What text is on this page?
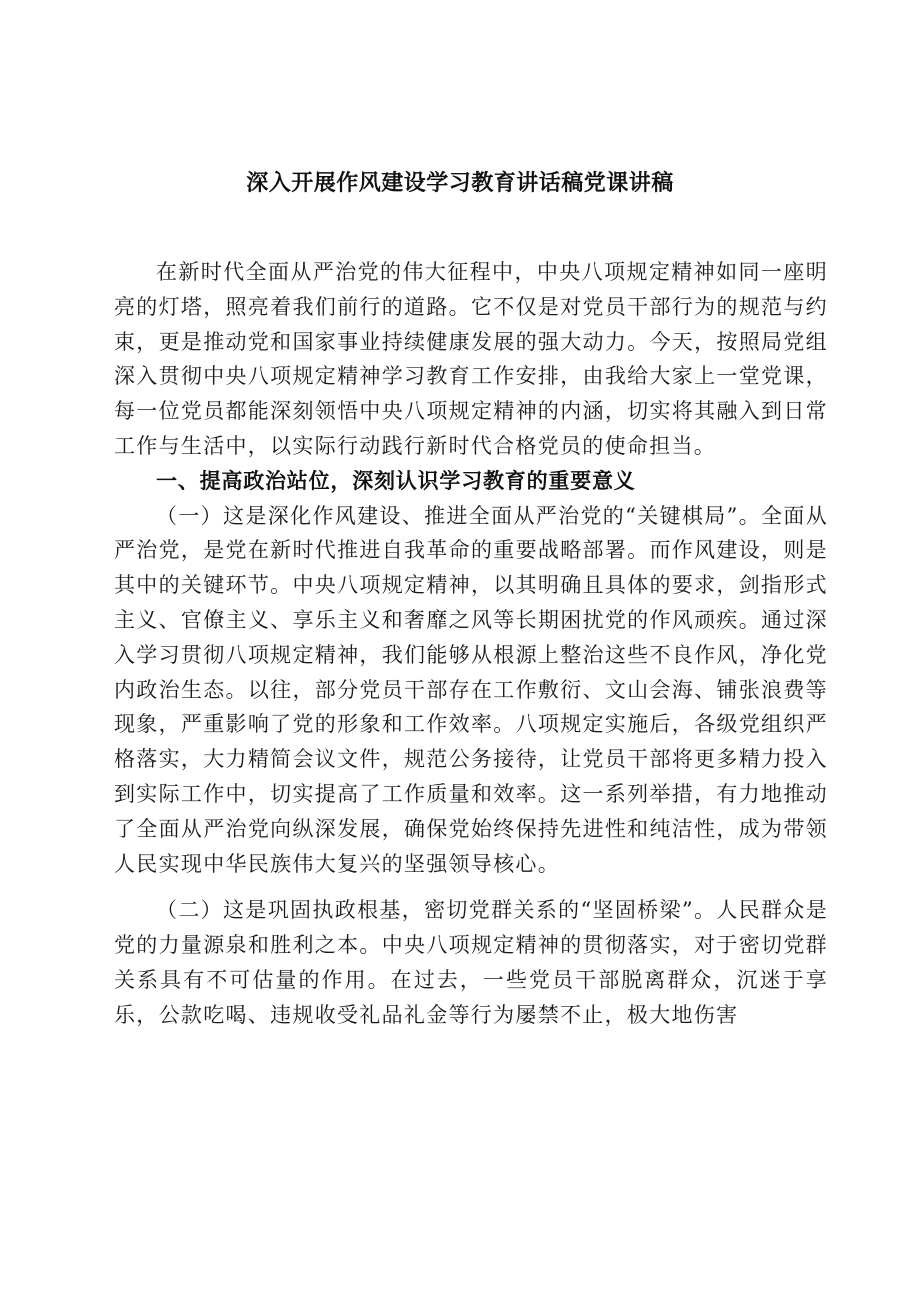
深入开展作风建设学习教育讲话稿党课讲稿

在新时代全面从严治党的伟大征程中，中央八项规定精神如同一座明亮的灯塔，照亮着我们前行的道路。它不仅是对党员干部行为的规范与约束，更是推动党和国家事业持续健康发展的强大动力。今天，按照局党组深入贯彻中央八项规定精神学习教育工作安排，由我给大家上一堂党课，每一位党员都能深刻领悟中央八项规定精神的内涵，切实将其融入到日常工作与生活中，以实际行动践行新时代合格党员的使命担当。

一、提高政治站位，深刻认识学习教育的重要意义

（一）这是深化作风建设、推进全面从严治党的“关键棋局”。全面从严治党，是党在新时代推进自我革命的重要战略部署。而作风建设，则是其中的关键环节。中央八项规定精神，以其明确且具体的要求，剑指形式主义、官僚主义、享乐主义和奢靡之风等长期困扰党的作风顽疾。通过深入学习贯彻八项规定精神，我们能够从根源上整治这些不良作风，净化党内政治生态。以往，部分党员干部存在工作敷衍、文山会海、铺张浪费等现象，严重影响了党的形象和工作效率。八项规定实施后，各级党组织严格落实，大力精简会议文件，规范公务接待，让党员干部将更多精力投入到实际工作中，切实提高了工作质量和效率。这一系列举措，有力地推动了全面从严治党向纵深发展，确保党始终保持先进性和纯洁性，成为带领人民实现中华民族伟大复兴的坚强领导核心。

（二）这是巩固执政根基，密切党群关系的“坚固桥梁”。人民群众是党的力量源泉和胜利之本。中央八项规定精神的贯彻落实，对于密切党群关系具有不可估量的作用。在过去，一些党员干部脱离群众，沉迷于享乐，公款吃喝、违规收受礼品礼金等行为屡禁不止，极大地伤害
